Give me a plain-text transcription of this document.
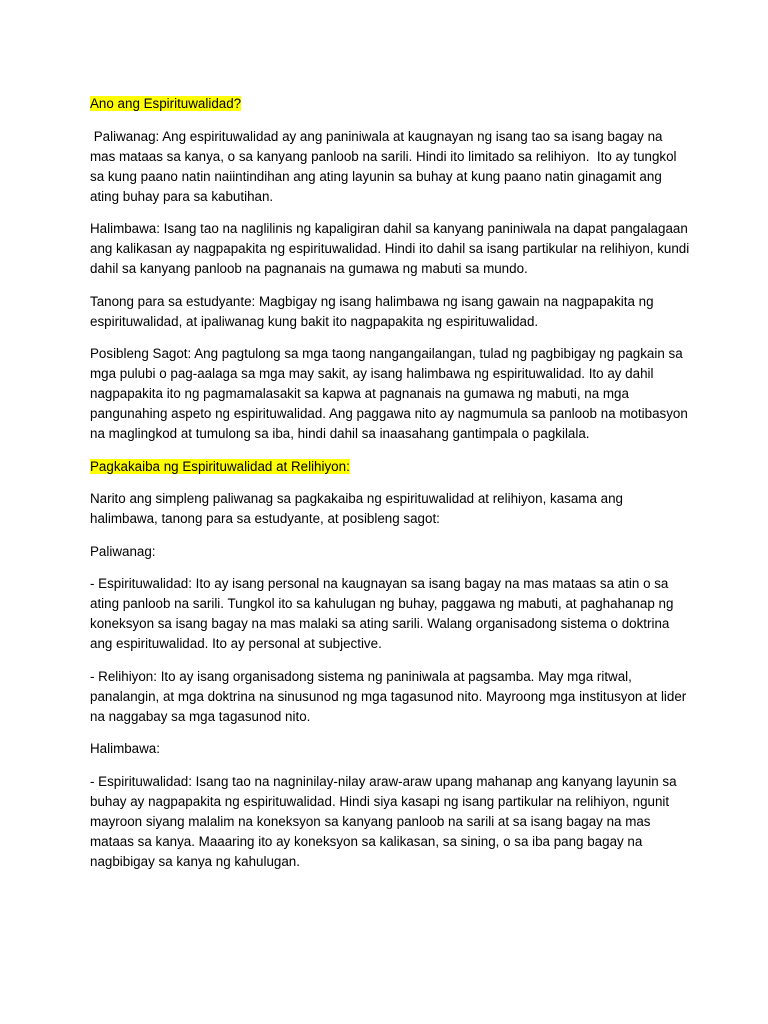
Ano ang Espirituwalidad?

Paliwanag: Ang espirituwalidad ay ang paniniwala at kaugnayan ng isang tao sa isang bagay na mas mataas sa kanya, o sa kanyang panloob na sarili. Hindi ito limitado sa relihiyon.  Ito ay tungkol sa kung paano natin naiintindihan ang ating layunin sa buhay at kung paano natin ginagamit ang ating buhay para sa kabutihan.

Halimbawa: Isang tao na naglilinis ng kapaligiran dahil sa kanyang paniniwala na dapat pangalagaan ang kalikasan ay nagpapakita ng espirituwalidad. Hindi ito dahil sa isang partikular na relihiyon, kundi dahil sa kanyang panloob na pagnanais na gumawa ng mabuti sa mundo.

Tanong para sa estudyante: Magbigay ng isang halimbawa ng isang gawain na nagpapakita ng espirituwalidad, at ipaliwanag kung bakit ito nagpapakita ng espirituwalidad.

Posibleng Sagot: Ang pagtulong sa mga taong nangangailangan, tulad ng pagbibigay ng pagkain sa mga pulubi o pag-aalaga sa mga may sakit, ay isang halimbawa ng espirituwalidad. Ito ay dahil nagpapakita ito ng pagmamalasakit sa kapwa at pagnanais na gumawa ng mabuti, na mga pangunahing aspeto ng espirituwalidad. Ang paggawa nito ay nagmumula sa panloob na motibasyon na maglingkod at tumulong sa iba, hindi dahil sa inaasahang gantimpala o pagkilala.

Pagkakaiba ng Espirituwalidad at Relihiyon:

Narito ang simpleng paliwanag sa pagkakaiba ng espirituwalidad at relihiyon, kasama ang halimbawa, tanong para sa estudyante, at posibleng sagot:

Paliwanag:

- Espirituwalidad: Ito ay isang personal na kaugnayan sa isang bagay na mas mataas sa atin o sa ating panloob na sarili. Tungkol ito sa kahulugan ng buhay, paggawa ng mabuti, at paghahanap ng koneksyon sa isang bagay na mas malaki sa ating sarili. Walang organisadong sistema o doktrina ang espirituwalidad. Ito ay personal at subjective.

- Relihiyon: Ito ay isang organisadong sistema ng paniniwala at pagsamba. May mga ritwal, panalangin, at mga doktrina na sinusunod ng mga tagasunod nito. Mayroong mga institusyon at lider na naggabay sa mga tagasunod nito.

Halimbawa:

- Espirituwalidad: Isang tao na nagninilay-nilay araw-araw upang mahanap ang kanyang layunin sa buhay ay nagpapakita ng espirituwalidad. Hindi siya kasapi ng isang partikular na relihiyon, ngunit mayroon siyang malalim na koneksyon sa kanyang panloob na sarili at sa isang bagay na mas mataas sa kanya. Maaaring ito ay koneksyon sa kalikasan, sa sining, o sa iba pang bagay na nagbibigay sa kanya ng kahulugan.
